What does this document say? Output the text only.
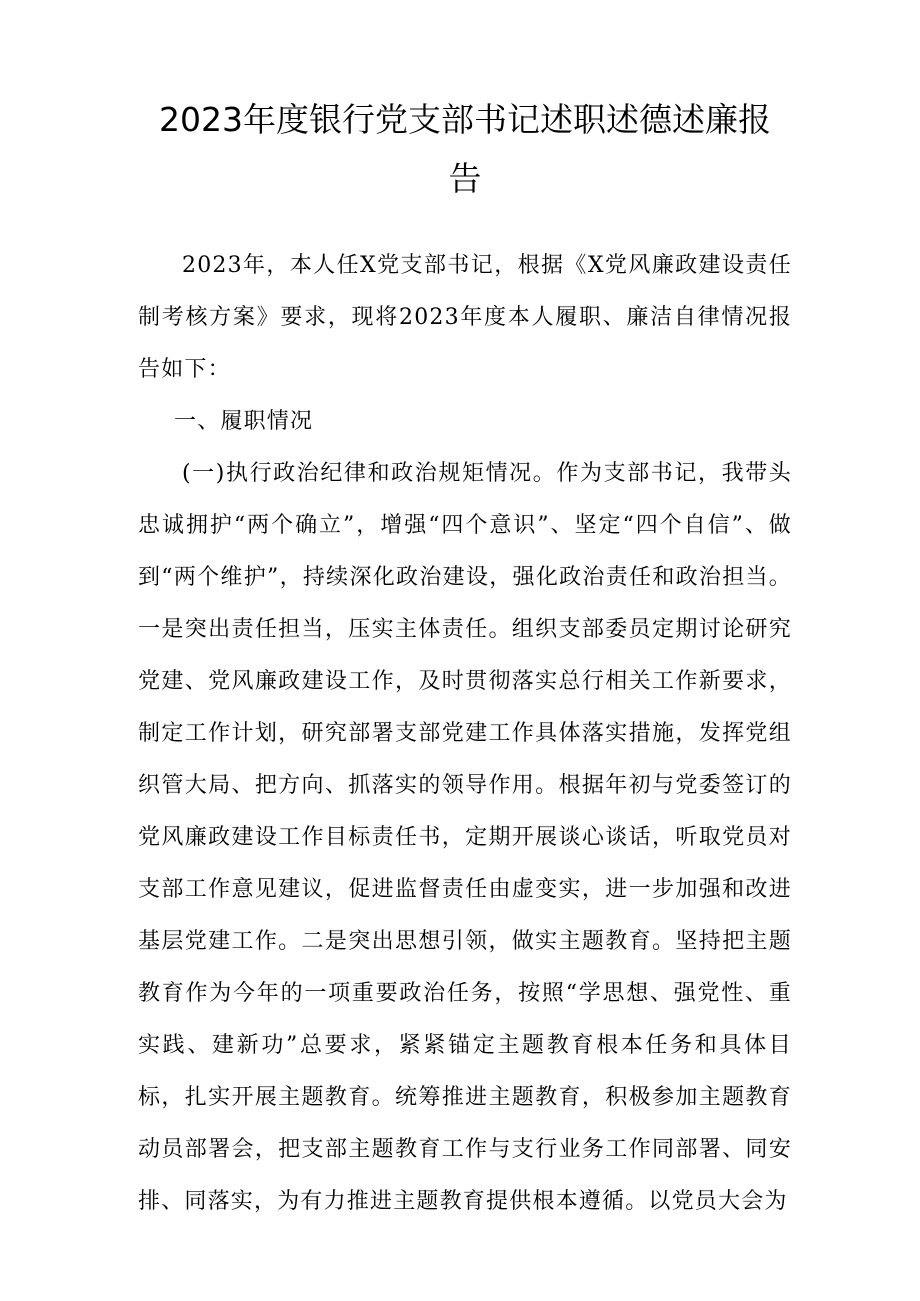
2023年度银行党支部书记述职述德述廉报
告

2023年，本人任X党支部书记，根据《X党风廉政建设责任制考核方案》要求，现将2023年度本人履职、廉洁自律情况报告如下：

一、履职情况

(一)执行政治纪律和政治规矩情况。作为支部书记，我带头忠诚拥护“两个确立”，增强“四个意识”、坚定“四个自信”、做到“两个维护”，持续深化政治建设，强化政治责任和政治担当。一是突出责任担当，压实主体责任。组织支部委员定期讨论研究党建、党风廉政建设工作，及时贯彻落实总行相关工作新要求，制定工作计划，研究部署支部党建工作具体落实措施，发挥党组织管大局、把方向、抓落实的领导作用。根据年初与党委签订的党风廉政建设工作目标责任书，定期开展谈心谈话，听取党员对支部工作意见建议，促进监督责任由虚变实，进一步加强和改进基层党建工作。二是突出思想引领，做实主题教育。坚持把主题教育作为今年的一项重要政治任务，按照“学思想、强党性、重实践、建新功”总要求，紧紧锚定主题教育根本任务和具体目标，扎实开展主题教育。统筹推进主题教育，积极参加主题教育动员部署会，把支部主题教育工作与支行业务工作同部署、同安排、同落实，为有力推进主题教育提供根本遵循。以党员大会为
